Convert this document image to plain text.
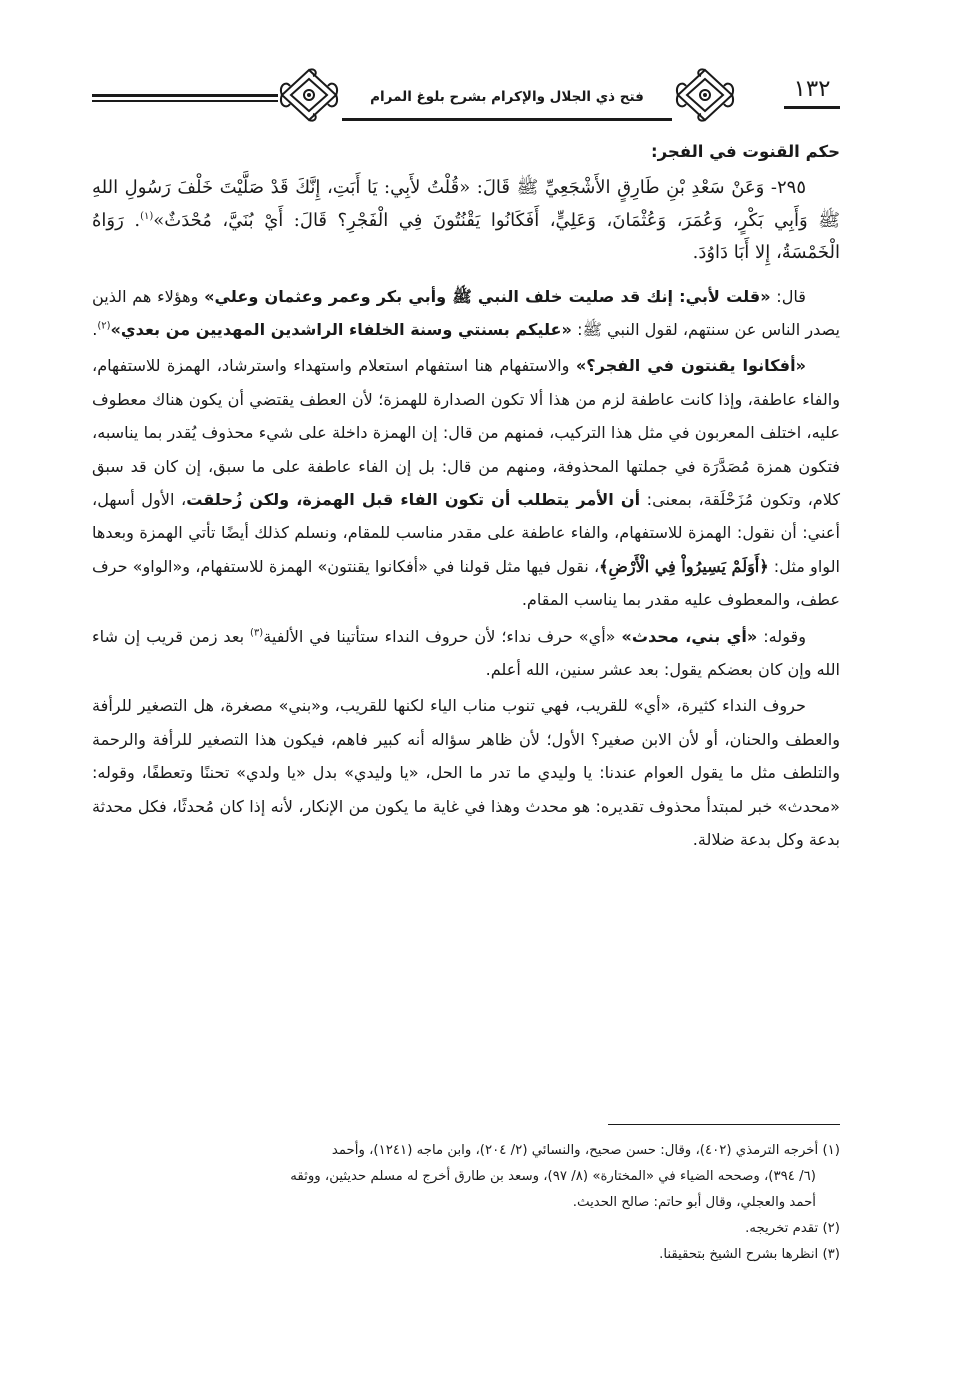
١٣٢
فتح ذي الجلال والإكرام بشرح بلوغ المرام
حكم القنوت في الفجر:

٢٩٥- وَعَنْ سَعْدِ بْنِ طَارِقٍ الأَشْجَعِيِّ ﷺ قَالَ: «قُلْتُ لأَبِي: يَا أَبَتِ، إِنَّكَ قَدْ صَلَّيْتَ خَلْفَ رَسُولِ اللهِ ﷺ وَأَبِي بَكْرٍ، وَعُمَرَ، وَعُثْمَانَ، وَعَلِيٍّ، أَفَكَانُوا يَقْنُتُونَ فِي الْفَجْرِ؟ قَالَ: أَيْ بُنَيَّ، مُحْدَثٌ»$^{(١)}$. رَوَاهُ الْخَمْسَةُ، إِلا أَبَا دَاوُدَ.

قال: «قلت لأبي: إنك قد صليت خلف النبي ﷺ وأبي بكر وعمر وعثمان وعلي» وهؤلاء هم الذين يصدر الناس عن سنتهم، لقول النبي ﷺ: «عليكم بسنتي وسنة الخلفاء الراشدين المهديين من بعدي»$^{(٢)}$.

«أفكانوا يقنتون في الفجر؟» والاستفهام هنا استفهام استعلام واستهداء واسترشاد، الهمزة للاستفهام، والفاء عاطفة، وإذا كانت عاطفة لزم من هذا ألا تكون الصدارة للهمزة؛ لأن العطف يقتضي أن يكون هناك معطوف عليه، اختلف المعربون في مثل هذا التركيب، فمنهم من قال: إن الهمزة داخلة على شيء محذوف يُقدر بما يناسبه، فتكون همزة مُصَدَّرَة في جملتها المحذوفة، ومنهم من قال: بل إن الفاء عاطفة على ما سبق، إن كان قد سبق كلام، وتكون مُزَحْلَقة، بمعنى: أن الأمر يتطلب أن تكون الفاء قبل الهمزة، ولكن زُحلقت، الأول أسهل، أعني: أن نقول: الهمزة للاستفهام، والفاء عاطفة على مقدر مناسب للمقام، ونسلم كذلك أيضًا تأتي الهمزة وبعدها الواو مثل: ﴿أَوَلَمْ يَسِيرُواْ فِي الْأَرْضِ﴾، نقول فيها مثل قولنا في «أفكانوا يقنتون» الهمزة للاستفهام، و«الواو» حرف عطف، والمعطوف عليه مقدر بما يناسب المقام.

وقوله: «أي بني، محدث» «أي» حرف نداء؛ لأن حروف النداء ستأتينا في الألفية$^{(٣)}$ بعد زمن قريب إن شاء الله وإن كان بعضكم يقول: بعد عشر سنين، الله أعلم.

حروف النداء كثيرة، «أي» للقريب، فهي تنوب مناب الياء لكنها للقريب، و«بني» مصغرة، هل التصغير للرأفة والعطف والحنان، أو لأن الابن صغير؟ الأول؛ لأن ظاهر سؤاله أنه كبير فاهم، فيكون هذا التصغير للرأفة والرحمة والتلطف مثل ما يقول العوام عندنا: يا وليدي ما تدر ما الحل، «يا وليدي» بدل «يا ولدي» تحننًا وتعطفًا، وقوله: «محدث» خبر لمبتدأ محذوف تقديره: هو محدث وهذا في غاية ما يكون من الإنكار، لأنه إذا كان مُحدثًا، فكل محدثة بدعة وكل بدعة ضلالة.

(١) أخرجه الترمذي (٤٠٢)، وقال: حسن صحيح، والنسائي (٢/ ٢٠٤)، وابن ماجه (١٢٤١)، وأحمد

(٦/ ٣٩٤)، وصححه الضياء في «المختارة» (٨/ ٩٧)، وسعد بن طارق أخرج له مسلم حديثين، ووثقه

أحمد والعجلي، وقال أبو حاتم: صالح الحديث.

(٢) تقدم تخريجه.

(٣) انظرها بشرح الشيخ بتحقيقنا.
